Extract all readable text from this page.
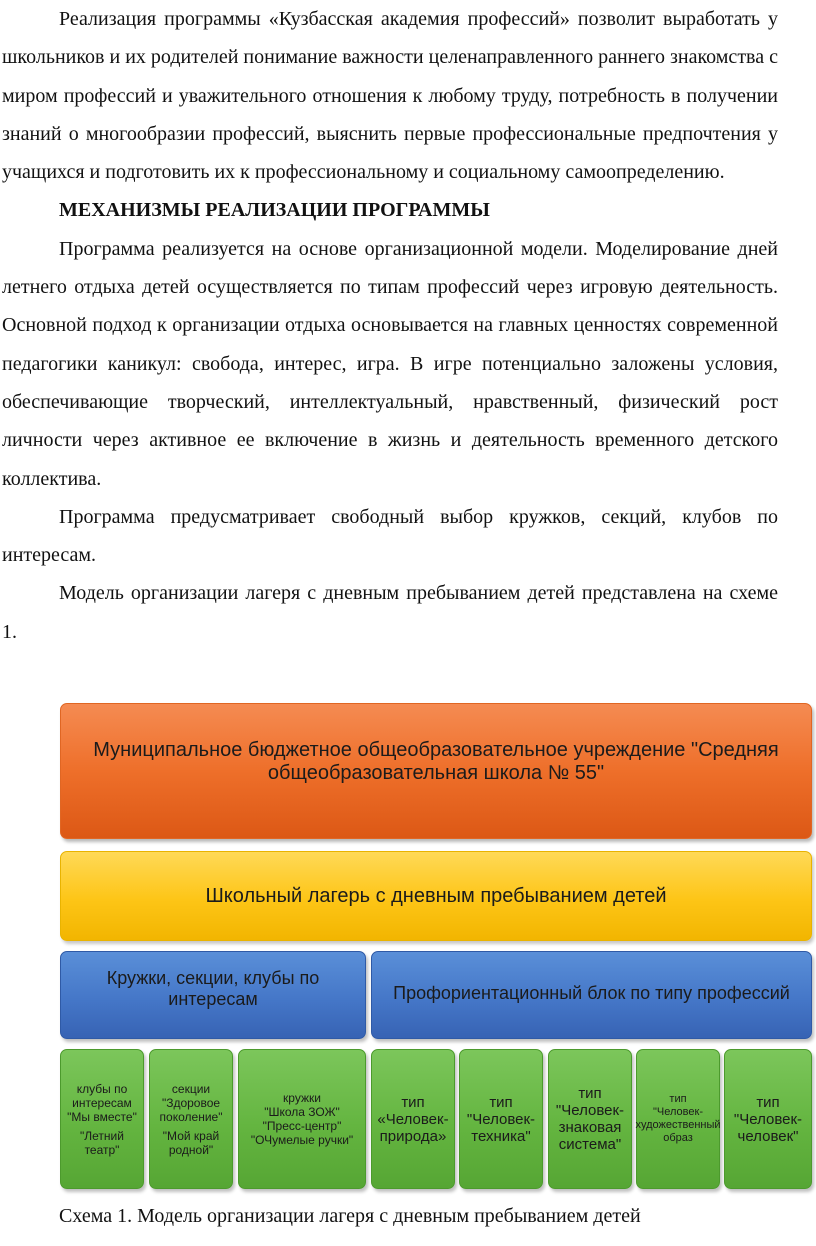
Реализация программы «Кузбасская академия профессий» позволит выработать у школьников и их родителей понимание важности целенаправленного раннего знакомства с миром профессий и уважительного отношения к любому труду, потребность в получении знаний о многообразии профессий, выяснить первые профессиональные предпочтения у учащихся и подготовить их к профессиональному и социальному самоопределению.

МЕХАНИЗМЫ РЕАЛИЗАЦИИ ПРОГРАММЫ

Программа реализуется на основе организационной модели. Моделирование дней летнего отдыха детей осуществляется по типам профессий через игровую деятельность. Основной подход к организации отдыха основывается на главных ценностях современной педагогики каникул: свобода, интерес, игра. В игре потенциально заложены условия, обеспечивающие творческий, интеллектуальный, нравственный, физический рост личности через активное ее включение в жизнь и деятельность временного детского коллектива.

Программа предусматривает свободный выбор кружков, секций, клубов по интересам.

Модель организации лагеря с дневным пребыванием детей представлена на схеме 1.

Муниципальное бюджетное общеобразовательное учреждение "Средняя общеобразовательная школа № 55"
Школьный лагерь с дневным пребыванием детей
Кружки, секции, клубы по интересам	Профориентационный блок по типу профессий
клубы по интересам
"Мы вместе"
"Летний театр"
секции
"Здоровое поколение"
"Мой край родной"
кружки
"Школа ЗОЖ"
"Пресс-центр"
"ОЧумелые ручки"
тип
«Человек-природа»
тип
"Человек-техника"
тип
"Человек-знаковая система"
тип
"Человек-художественный образ
тип
"Человек-человек"
Схема 1. Модель организации лагеря с дневным пребыванием детей
